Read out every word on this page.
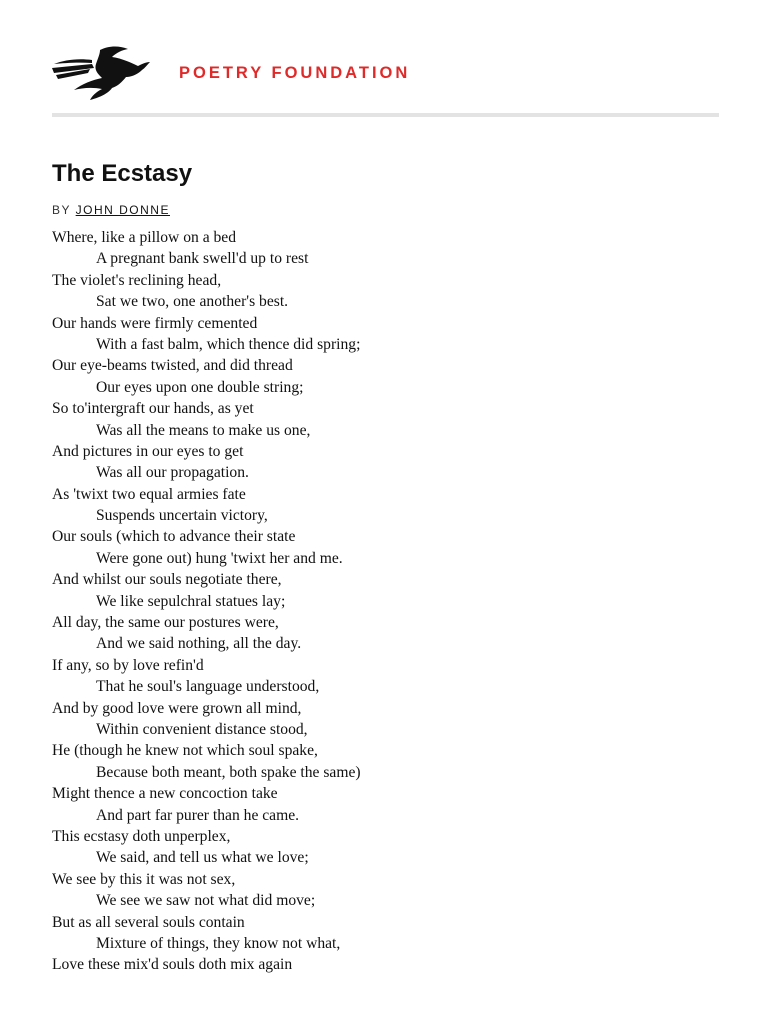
POETRY FOUNDATION
The Ecstasy
BY JOHN DONNE
Where, like a pillow on a bed
A pregnant bank swell'd up to rest
The violet's reclining head,
Sat we two, one another's best.
Our hands were firmly cemented
With a fast balm, which thence did spring;
Our eye-beams twisted, and did thread
Our eyes upon one double string;
So to'intergraft our hands, as yet
Was all the means to make us one,
And pictures in our eyes to get
Was all our propagation.
As 'twixt two equal armies fate
Suspends uncertain victory,
Our souls (which to advance their state
Were gone out) hung 'twixt her and me.
And whilst our souls negotiate there,
We like sepulchral statues lay;
All day, the same our postures were,
And we said nothing, all the day.
If any, so by love refin'd
That he soul's language understood,
And by good love were grown all mind,
Within convenient distance stood,
He (though he knew not which soul spake,
Because both meant, both spake the same)
Might thence a new concoction take
And part far purer than he came.
This ecstasy doth unperplex,
We said, and tell us what we love;
We see by this it was not sex,
We see we saw not what did move;
But as all several souls contain
Mixture of things, they know not what,
Love these mix'd souls doth mix again
